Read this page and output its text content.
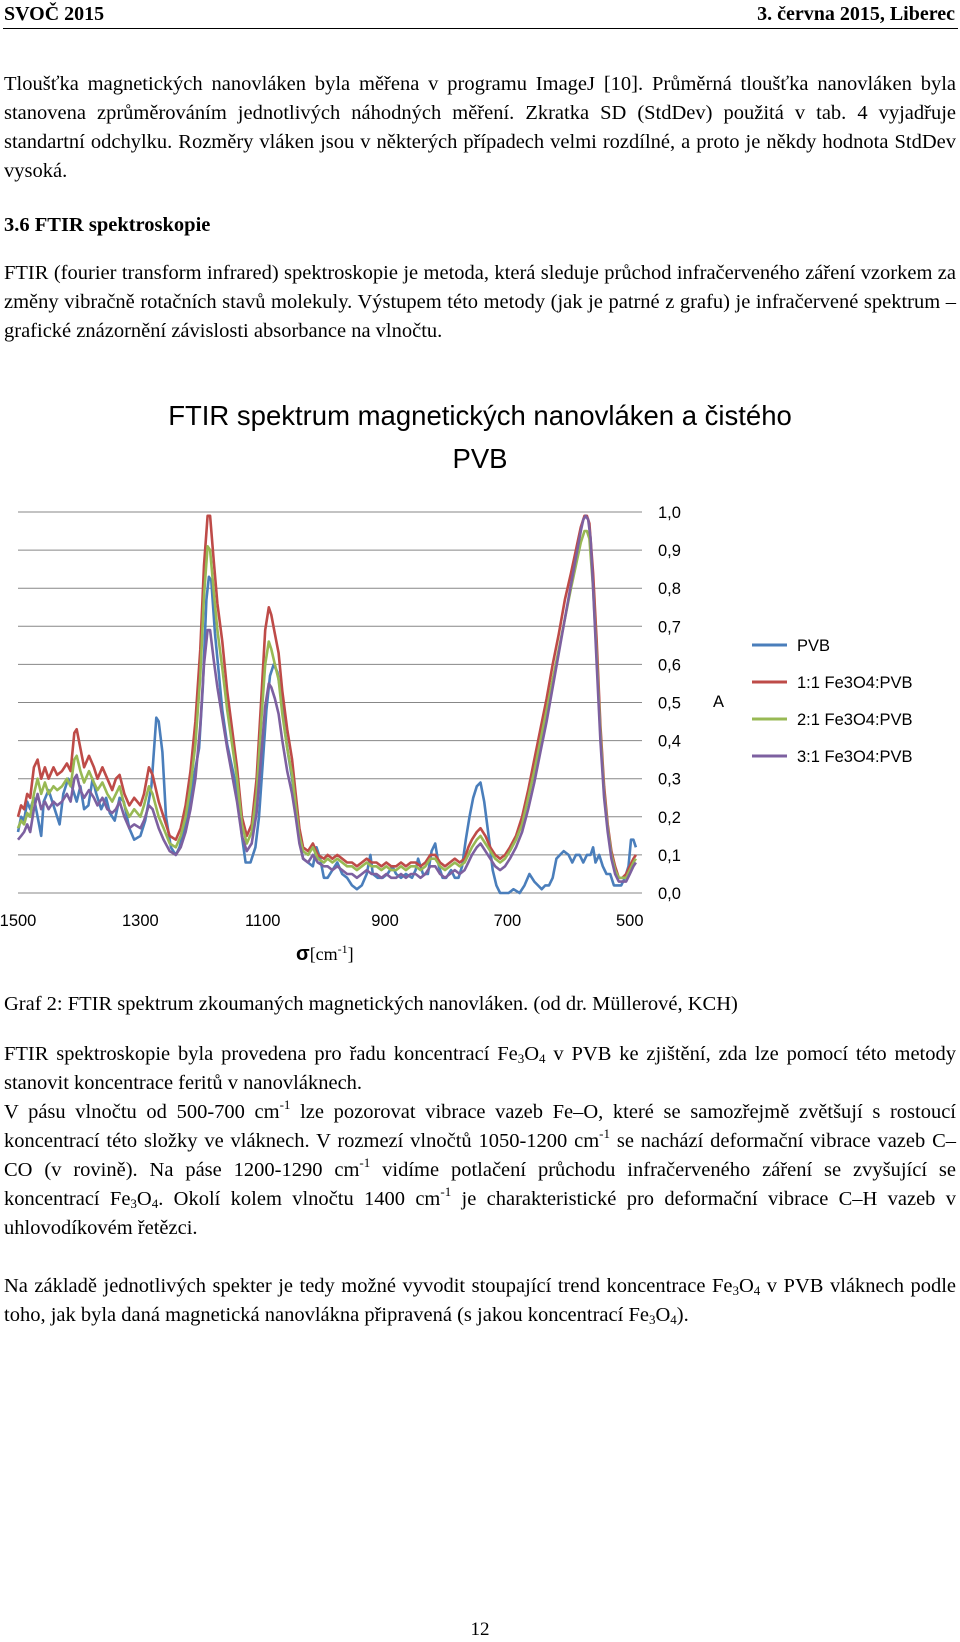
SVOČ 2015	3. června 2015, Liberec

Tloušťka magnetických nanovláken byla měřena v programu ImageJ [10]. Průměrná tloušťka nanovláken byla stanovena zprůměrováním jednotlivých náhodných měření. Zkratka SD (StdDev) použitá v tab. 4 vyjadřuje standartní odchylku. Rozměry vláken jsou v některých případech velmi rozdílné, a proto je někdy hodnota StdDev vysoká.

3.6 FTIR spektroskopie

FTIR (fourier transform infrared) spektroskopie je metoda, která sleduje průchod infračerveného záření vzorkem za změny vibračně rotačních stavů molekuly. Výstupem této metody (jak je patrné z grafu) je infračervené spektrum – grafické znázornění závislosti absorbance na vlnočtu.

FTIR spektrum magnetických nanovláken a čistého
PVB
0,0
0,1
0,2
0,3
0,4
0,5
0,6
0,7
0,8
0,9
1,0
1500	1300	1100	900	700	500
$\sigma[cm^{-1}]$
A
PVB
1:1 Fe3O4:PVB
2:1 Fe3O4:PVB
3:1 Fe3O4:PVB
Graf 2: FTIR spektrum zkoumaných magnetických nanovláken. (od dr. Müllerové, KCH)

FTIR spektroskopie byla provedena pro řadu koncentrací $Fe_3O_4$ v PVB ke zjištění, zda lze pomocí této metody stanovit koncentrace feritů v nanovláknech.

V pásu vlnočtu od 500-700 $cm^{-1}$ lze pozorovat vibrace vazeb Fe–O, které se samozřejmě zvětšují s rostoucí koncentrací této složky ve vláknech. V rozmezí vlnočtů 1050-1200 $cm^{-1}$ se nachází deformační vibrace vazeb C–CO (v rovině). Na páse 1200-1290 $cm^{-1}$ vidíme potlačení průchodu infračerveného záření se zvyšující se koncentrací $Fe_3O_4$. Okolí kolem vlnočtu 1400 $cm^{-1}$ je charakteristické pro deformační vibrace C–H vazeb v uhlovodíkovém řetězci.

Na základě jednotlivých spekter je tedy možné vyvodit stoupající trend koncentrace $Fe_3O_4$ v PVB vláknech podle toho, jak byla daná magnetická nanovlákna připravená (s jakou koncentrací $Fe_3O_4$).

12
